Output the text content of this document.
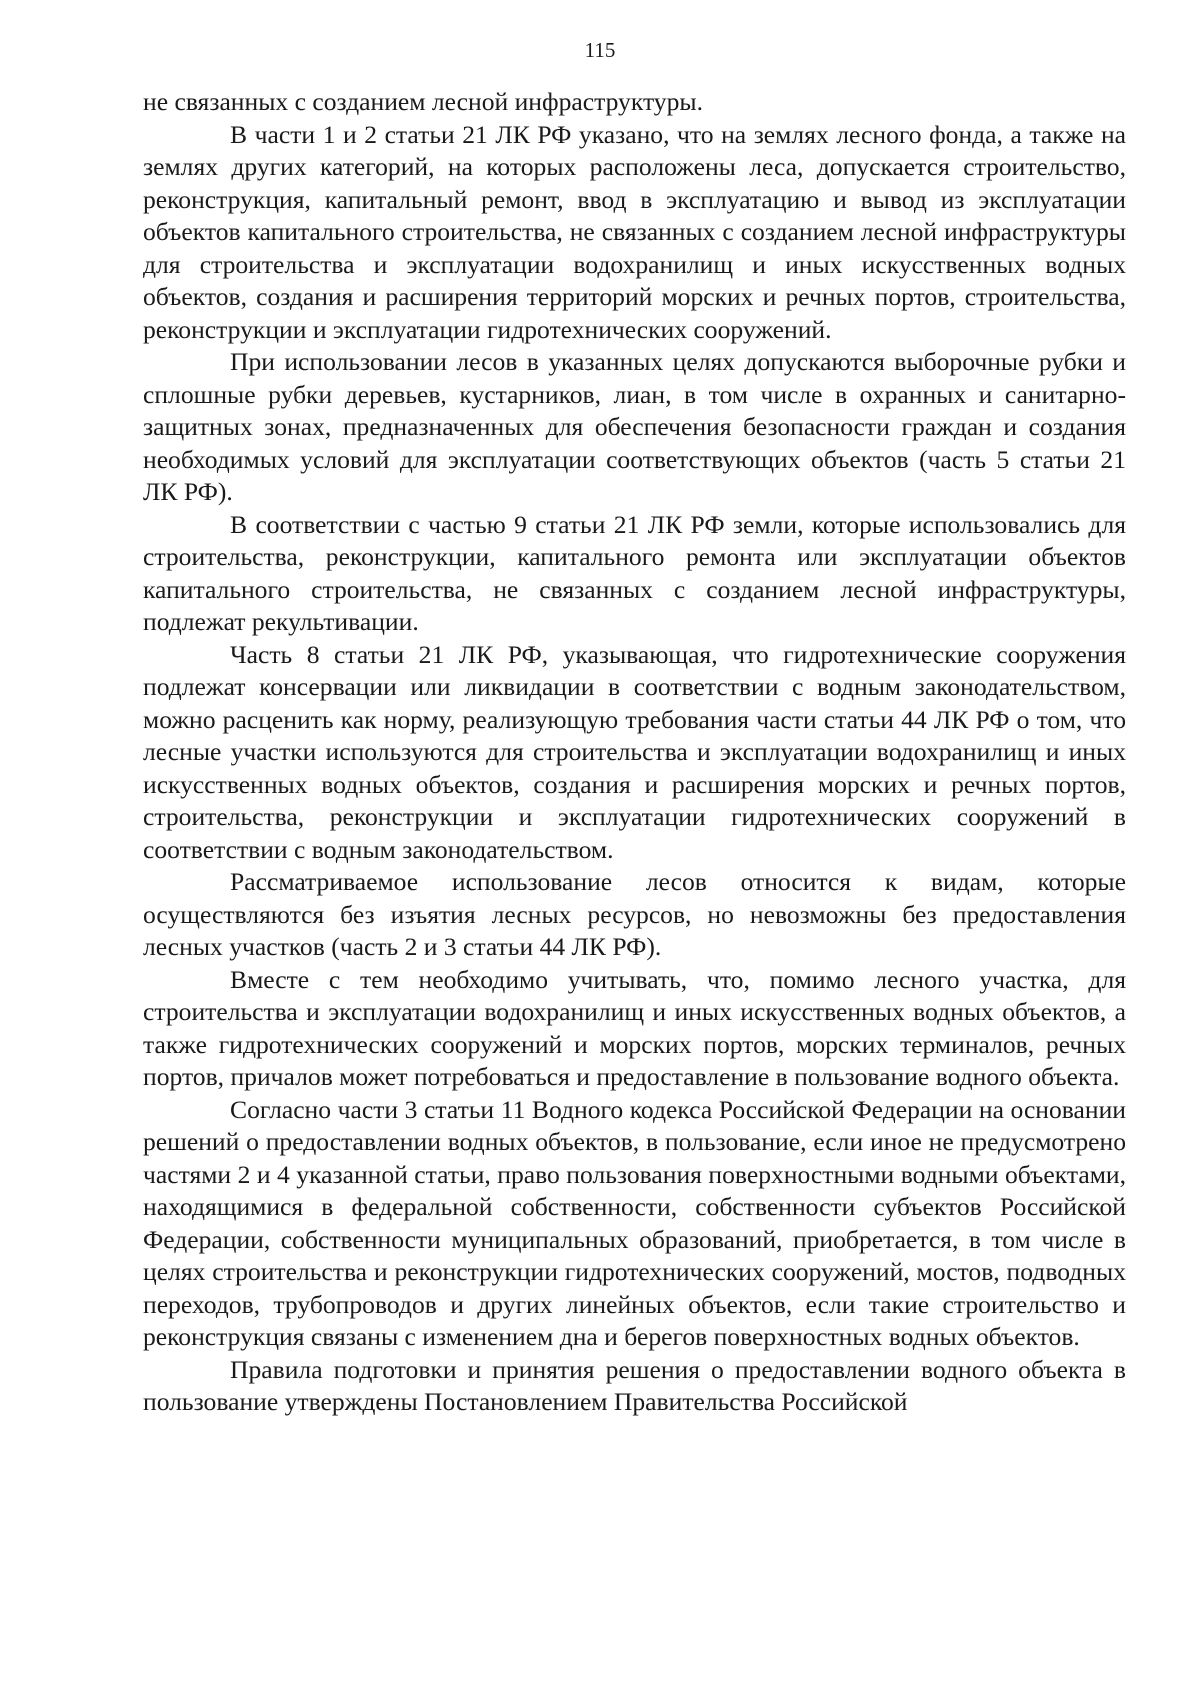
115

не связанных с созданием лесной инфраструктуры.

В части 1 и 2 статьи 21 ЛК РФ указано, что на землях лесного фонда, а также на землях других категорий, на которых расположены леса, допускается строительство, реконструкция, капитальный ремонт, ввод в эксплуатацию и вывод из эксплуатации объектов капитального строительства, не связанных с созданием лесной инфраструктуры для строительства и эксплуатации водохранилищ и иных искусственных водных объектов, создания и расширения территорий морских и речных портов, строительства, реконструкции и эксплуатации гидротехнических сооружений.

При использовании лесов в указанных целях допускаются выборочные рубки и сплошные рубки деревьев, кустарников, лиан, в том числе в охранных и санитарно-защитных зонах, предназначенных для обеспечения безопасности граждан и создания необходимых условий для эксплуатации соответствующих объектов (часть 5 статьи 21 ЛК РФ).

В соответствии с частью 9 статьи 21 ЛК РФ земли, которые использовались для строительства, реконструкции, капитального ремонта или эксплуатации объектов капитального строительства, не связанных с созданием лесной инфраструктуры, подлежат рекультивации.

Часть 8 статьи 21 ЛК РФ, указывающая, что гидротехнические сооружения подлежат консервации или ликвидации в соответствии с водным законодательством, можно расценить как норму, реализующую требования части статьи 44 ЛК РФ о том, что лесные участки используются для строительства и эксплуатации водохранилищ и иных искусственных водных объектов, создания и расширения морских и речных портов, строительства, реконструкции и эксплуатации гидротехнических сооружений в соответствии с водным законодательством.

Рассматриваемое использование лесов относится к видам, которые осуществляются без изъятия лесных ресурсов, но невозможны без предоставления лесных участков (часть 2 и 3 статьи 44 ЛК РФ).

Вместе с тем необходимо учитывать, что, помимо лесного участка, для строительства и эксплуатации водохранилищ и иных искусственных водных объектов, а также гидротехнических сооружений и морских портов, морских терминалов, речных портов, причалов может потребоваться и предоставление в пользование водного объекта.

Согласно части 3 статьи 11 Водного кодекса Российской Федерации на основании решений о предоставлении водных объектов, в пользование, если иное не предусмотрено частями 2 и 4 указанной статьи, право пользования поверхностными водными объектами, находящимися в федеральной собственности, собственности субъектов Российской Федерации, собственности муниципальных образований, приобретается, в том числе в целях строительства и реконструкции гидротехнических сооружений, мостов, подводных переходов, трубопроводов и других линейных объектов, если такие строительство и реконструкция связаны с изменением дна и берегов поверхностных водных объектов.

Правила подготовки и принятия решения о предоставлении водного объекта в пользование утверждены Постановлением Правительства Российской
